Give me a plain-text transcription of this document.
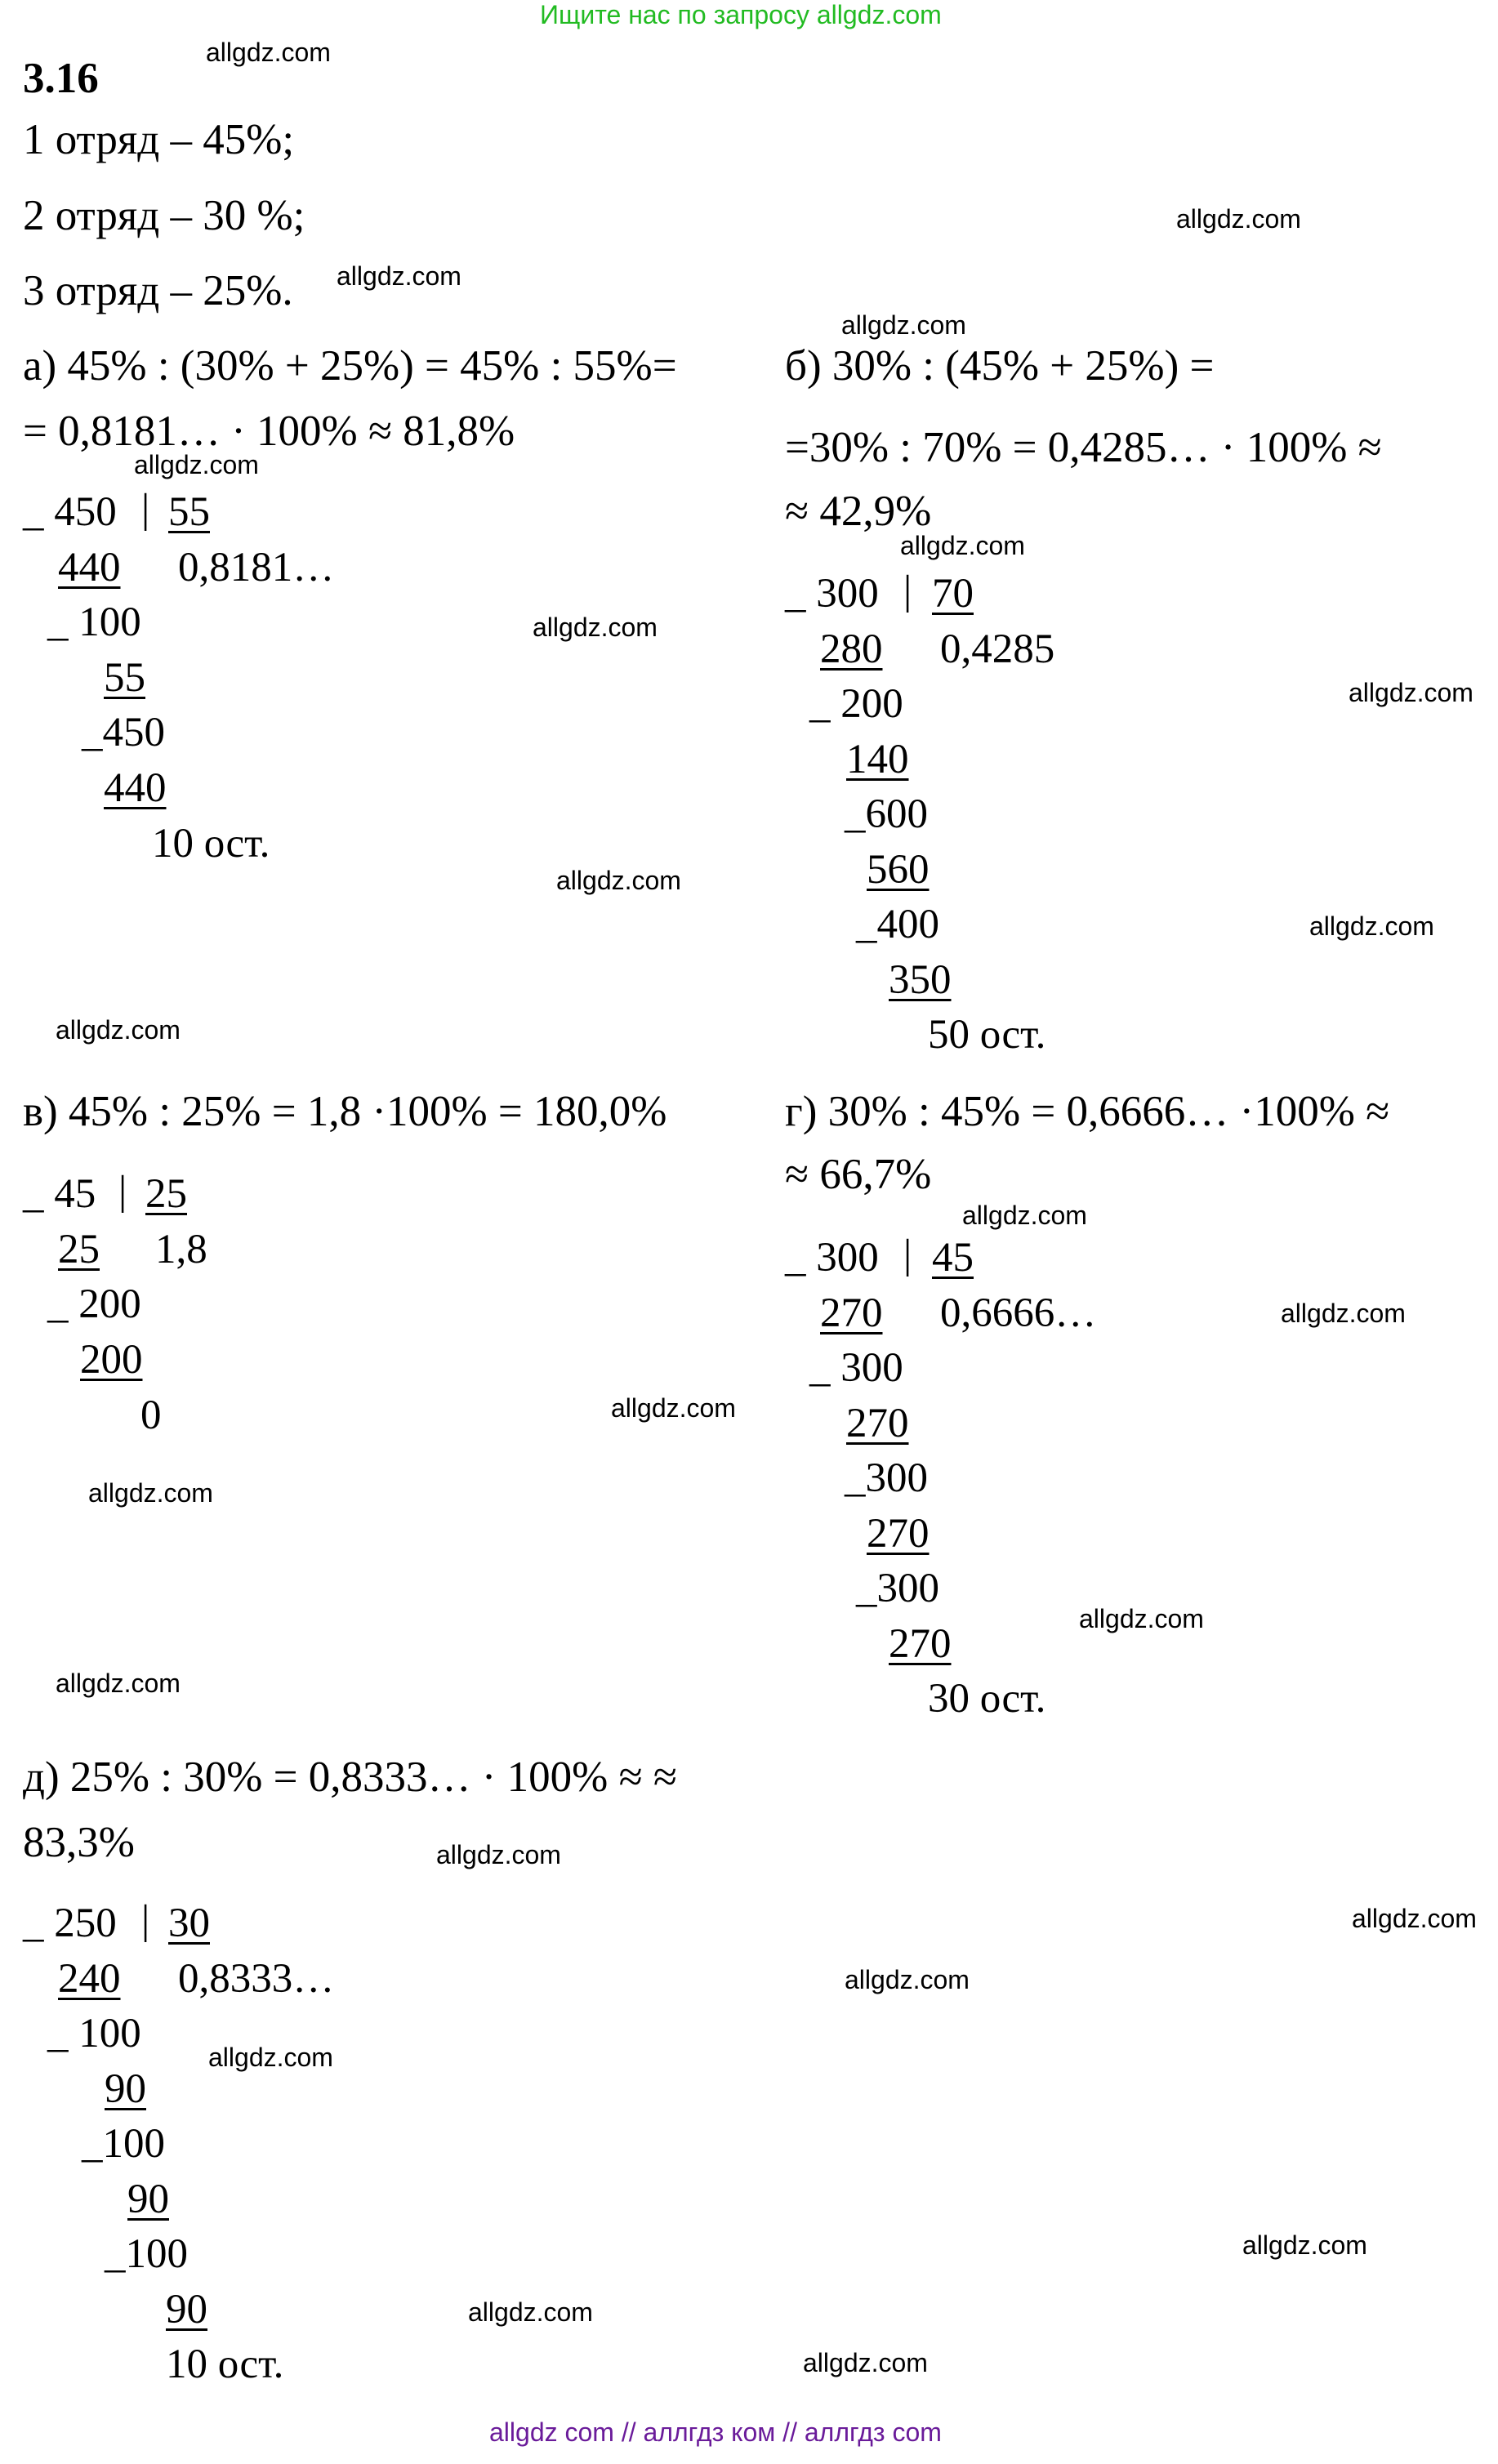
Ищите нас по запросу allgdz.com
3.16
1 отряд – 45%;
2 отряд – 30 %;
3 отряд – 25%.
а) 45% : (30% + 25%) = 45% : 55%=
= 0,8181… · 100% ≈ 81,8%
_ 450 | 55
440 0,8181…
_ 100
55
_450
440
10 ост.
б) 30% : (45% + 25%) =
=30% : 70% = 0,4285… · 100% ≈
≈ 42,9%
_ 300 | 70
280 0,4285
_ 200
140
_600
560
_400
350
50 ост.
в) 45% : 25% = 1,8 ·100% = 180,0%
_ 45 | 25
25 1,8
_ 200
200
0
г) 30% : 45% = 0,6666… ·100% ≈
≈ 66,7%
_ 300 | 45
270 0,6666…
_ 300
270
_300
270
_300
270
30 ост.
д) 25% : 30% = 0,8333… · 100% ≈ ≈
83,3%
_ 250 | 30
240 0,8333…
_ 100
90
_100
90
_100
90
10 ост.
allgdz.com
allgdz.com
allgdz.com
allgdz.com
allgdz.com
allgdz.com
allgdz.com
allgdz.com
allgdz.com
allgdz.com
allgdz.com
allgdz.com
allgdz.com
allgdz.com
allgdz.com
allgdz.com
allgdz.com
allgdz.com
allgdz.com
allgdz.com
allgdz.com
allgdz.com
allgdz.com
allgdz.com
allgdz com // аллгдз ком // аллгдз com
